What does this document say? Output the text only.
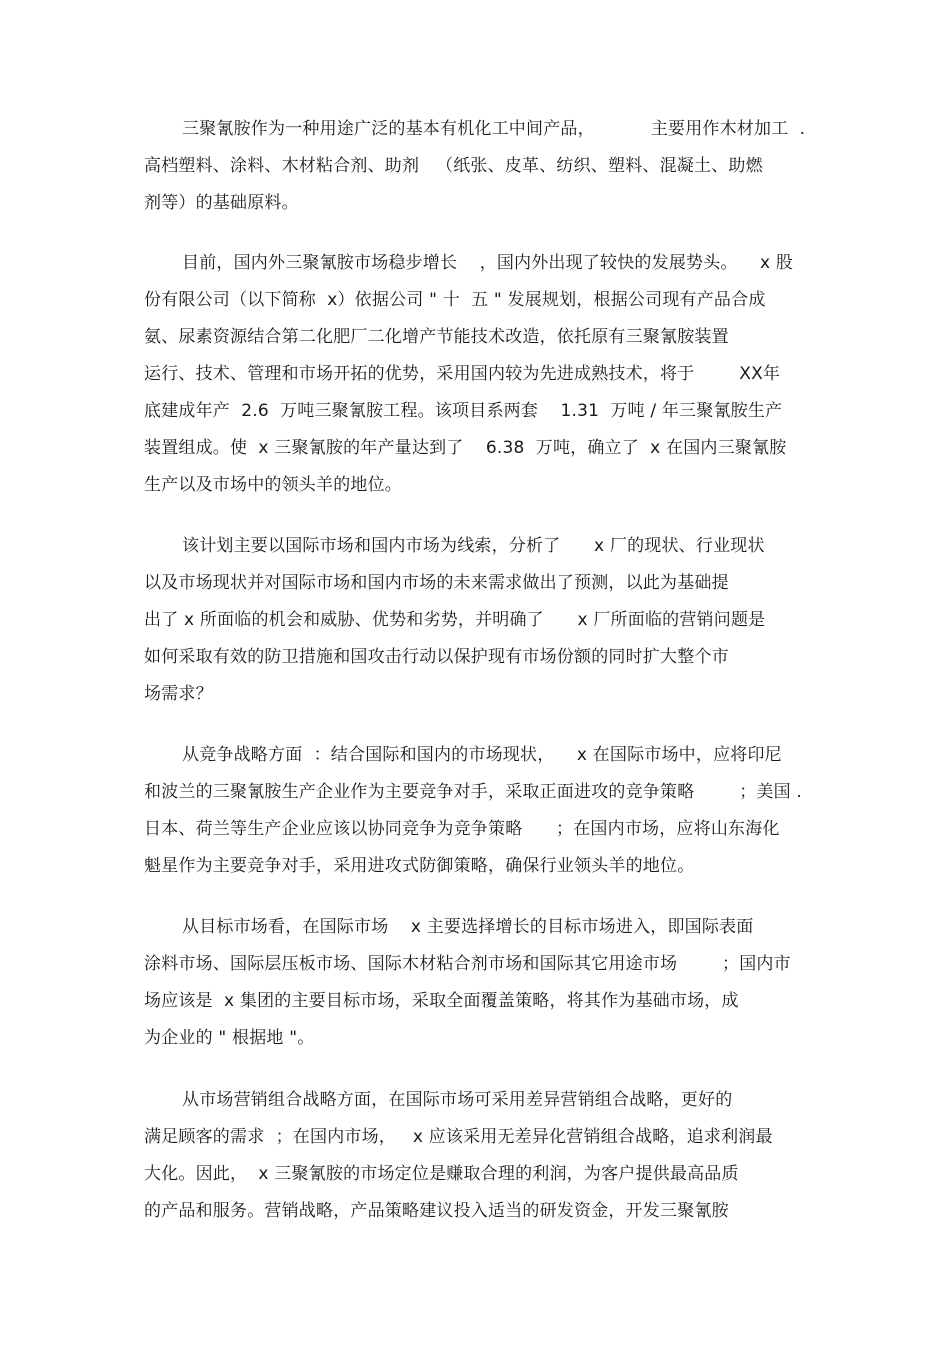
三聚氰胺作为一种用途广泛的基本有机化工中间产品，          主要用作木材加工  .
高档塑料、涂料、木材粘合剂、助剂   （纸张、皮革、纺织、塑料、混凝土、助燃
剂等）的基础原料。
目前，国内外三聚氰胺市场稳步增长    ，国内外出现了较快的发展势头。    x 股
份有限公司（以下简称  x）依据公司 " 十  五 " 发展规划，根据公司现有产品合成
氨、尿素资源结合第二化肥厂二化增产节能技术改造，依托原有三聚氰胺装置
运行、技术、管理和市场开拓的优势，采用国内较为先进成熟技术，将于        XX年
底建成年产  2.6  万吨三聚氰胺工程。该项目系两套    1.31  万吨 / 年三聚氰胺生产
装置组成。使  x 三聚氰胺的年产量达到了    6.38  万吨，确立了  x 在国内三聚氰胺
生产以及市场中的领头羊的地位。
该计划主要以国际市场和国内市场为线索，分析了      x 厂的现状、行业现状
以及市场现状并对国际市场和国内市场的未来需求做出了预测，以此为基础提
出了 x 所面临的机会和威胁、优势和劣势，并明确了      x 厂所面临的营销问题是
如何采取有效的防卫措施和国攻击行动以保护现有市场份额的同时扩大整个市
场需求？
从竞争战略方面  ：结合国际和国内的市场现状，    x 在国际市场中，应将印尼
和波兰的三聚氰胺生产企业作为主要竞争对手，采取正面进攻的竞争策略        ；美国 .
日本、荷兰等生产企业应该以协同竞争为竞争策略      ；在国内市场，应将山东海化
魁星作为主要竞争对手，采用进攻式防御策略，确保行业领头羊的地位。
从目标市场看，在国际市场    x 主要选择增长的目标市场进入，即国际表面
涂料市场、国际层压板市场、国际木材粘合剂市场和国际其它用途市场        ；国内市
场应该是  x 集团的主要目标市场，采取全面覆盖策略，将其作为基础市场，成
为企业的 " 根据地 "。
从市场营销组合战略方面，在国际市场可采用差异营销组合战略，更好的
满足顾客的需求  ；在国内市场，   x 应该采用无差异化营销组合战略，追求利润最
大化。因此，  x 三聚氰胺的市场定位是赚取合理的利润，为客户提供最高品质
的产品和服务。营销战略，产品策略建议投入适当的研发资金，开发三聚氰胺
